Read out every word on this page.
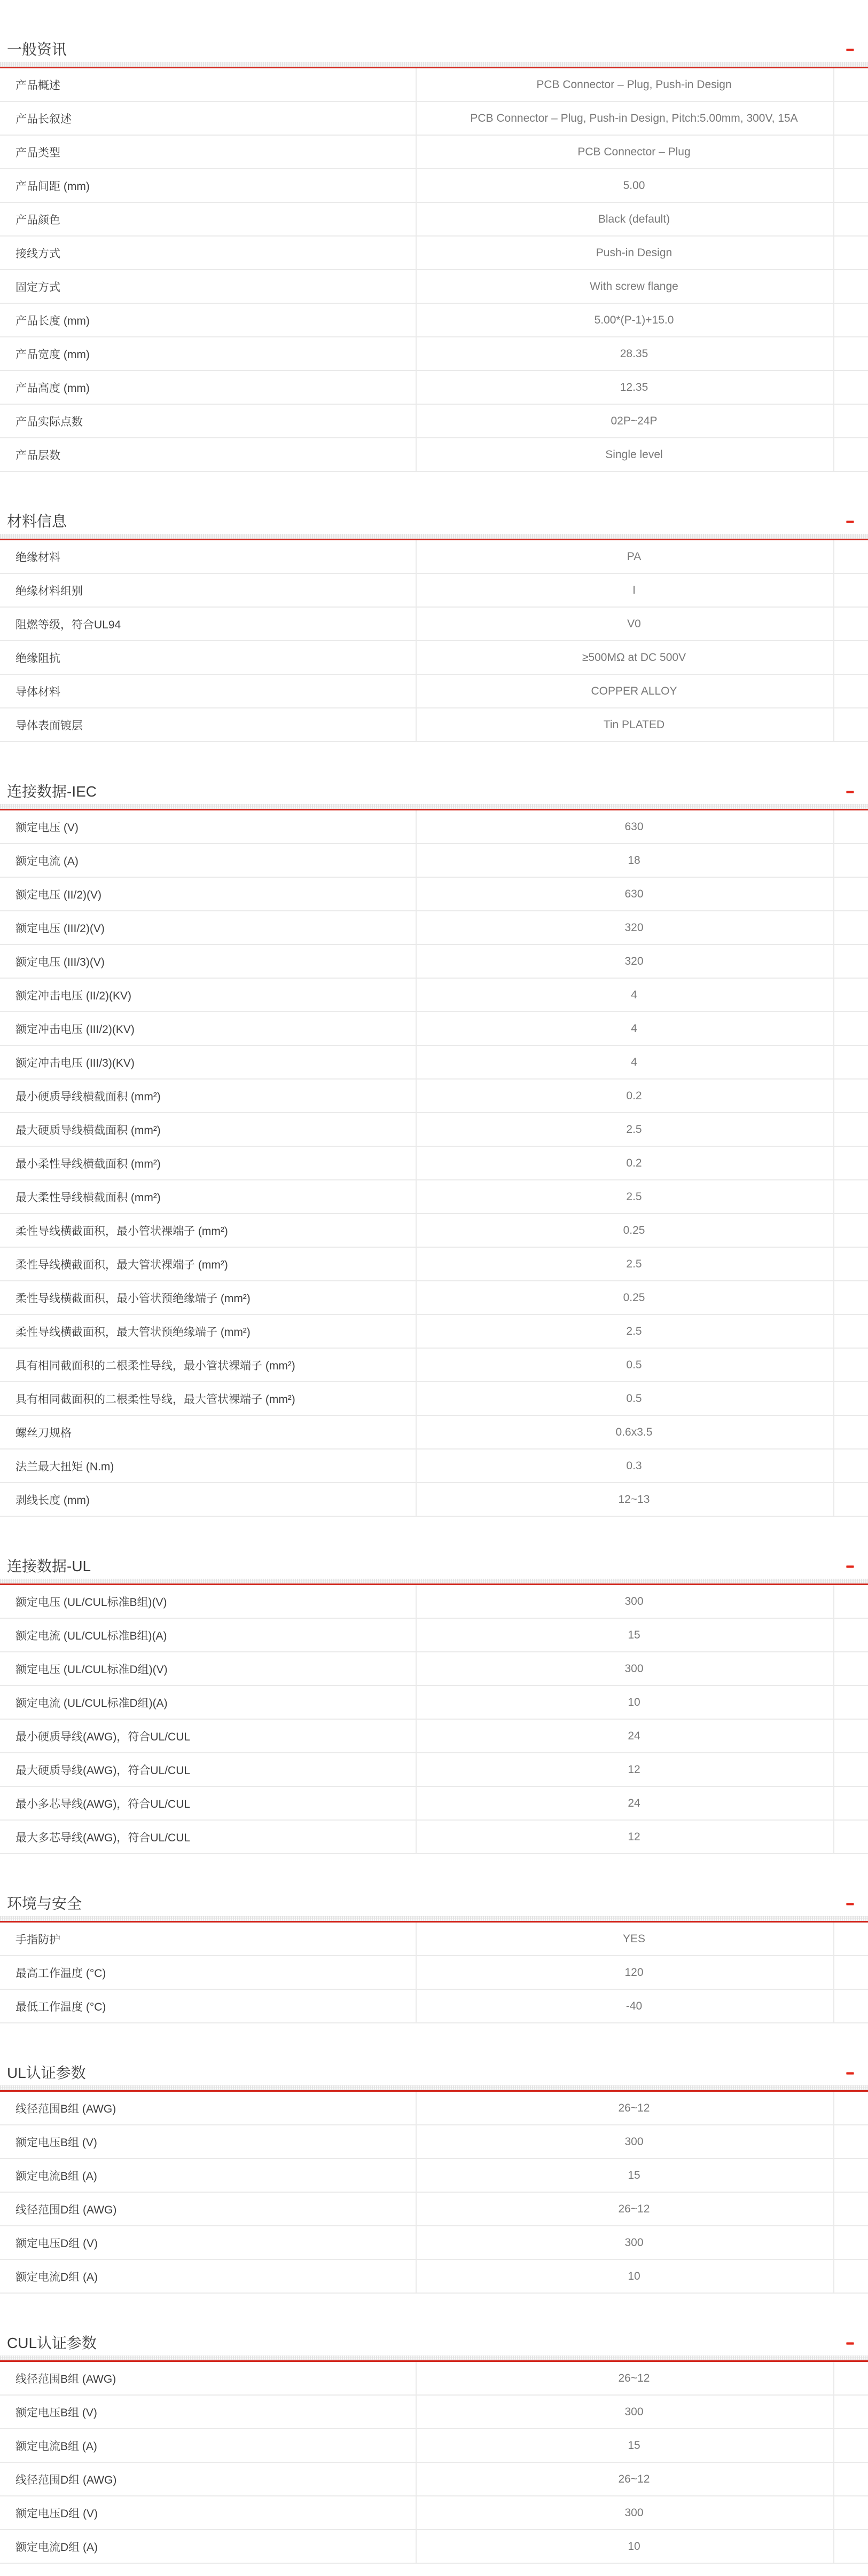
一般资讯
产品概述	PCB Connector – Plug, Push-in Design
产品长叙述	PCB Connector – Plug, Push-in Design, Pitch:5.00mm, 300V, 15A
产品类型	PCB Connector – Plug
产品间距 (mm)	5.00
产品颜色	Black (default)
接线方式	Push-in Design
固定方式	With screw flange
产品长度 (mm)	5.00*(P-1)+15.0
产品宽度 (mm)	28.35
产品高度 (mm)	12.35
产品实际点数	02P~24P
产品层数	Single level
材料信息
绝缘材料	PA
绝缘材料组别	I
阻燃等级，符合UL94	V0
绝缘阻抗	≥500MΩ at DC 500V
导体材料	COPPER ALLOY
导体表面镀层	Tin PLATED
连接数据-IEC
额定电压 (V)	630
额定电流 (A)	18
额定电压 (II/2)(V)	630
额定电压 (III/2)(V)	320
额定电压 (III/3)(V)	320
额定冲击电压 (II/2)(KV)	4
额定冲击电压 (III/2)(KV)	4
额定冲击电压 (III/3)(KV)	4
最小硬质导线横截面积 (mm²)	0.2
最大硬质导线横截面积 (mm²)	2.5
最小柔性导线横截面积 (mm²)	0.2
最大柔性导线横截面积 (mm²)	2.5
柔性导线横截面积，最小管状裸端子 (mm²)	0.25
柔性导线横截面积，最大管状裸端子 (mm²)	2.5
柔性导线横截面积，最小管状预绝缘端子 (mm²)	0.25
柔性导线横截面积，最大管状预绝缘端子 (mm²)	2.5
具有相同截面积的二根柔性导线，最小管状裸端子 (mm²)	0.5
具有相同截面积的二根柔性导线，最大管状裸端子 (mm²)	0.5
螺丝刀规格	0.6x3.5
法兰最大扭矩 (N.m)	0.3
剥线长度 (mm)	12~13
连接数据-UL
额定电压 (UL/CUL标准B组)(V)	300
额定电流 (UL/CUL标准B组)(A)	15
额定电压 (UL/CUL标准D组)(V)	300
额定电流 (UL/CUL标准D组)(A)	10
最小硬质导线(AWG)，符合UL/CUL	24
最大硬质导线(AWG)，符合UL/CUL	12
最小多芯导线(AWG)，符合UL/CUL	24
最大多芯导线(AWG)，符合UL/CUL	12
环境与安全
手指防护	YES
最高工作温度 (°C)	120
最低工作温度 (°C)	-40
UL认证参数
线径范围B组 (AWG)	26~12
额定电压B组 (V)	300
额定电流B组 (A)	15
线径范围D组 (AWG)	26~12
额定电压D组 (V)	300
额定电流D组 (A)	10
CUL认证参数
线径范围B组 (AWG)	26~12
额定电压B组 (V)	300
额定电流B组 (A)	15
线径范围D组 (AWG)	26~12
额定电压D组 (V)	300
额定电流D组 (A)	10
